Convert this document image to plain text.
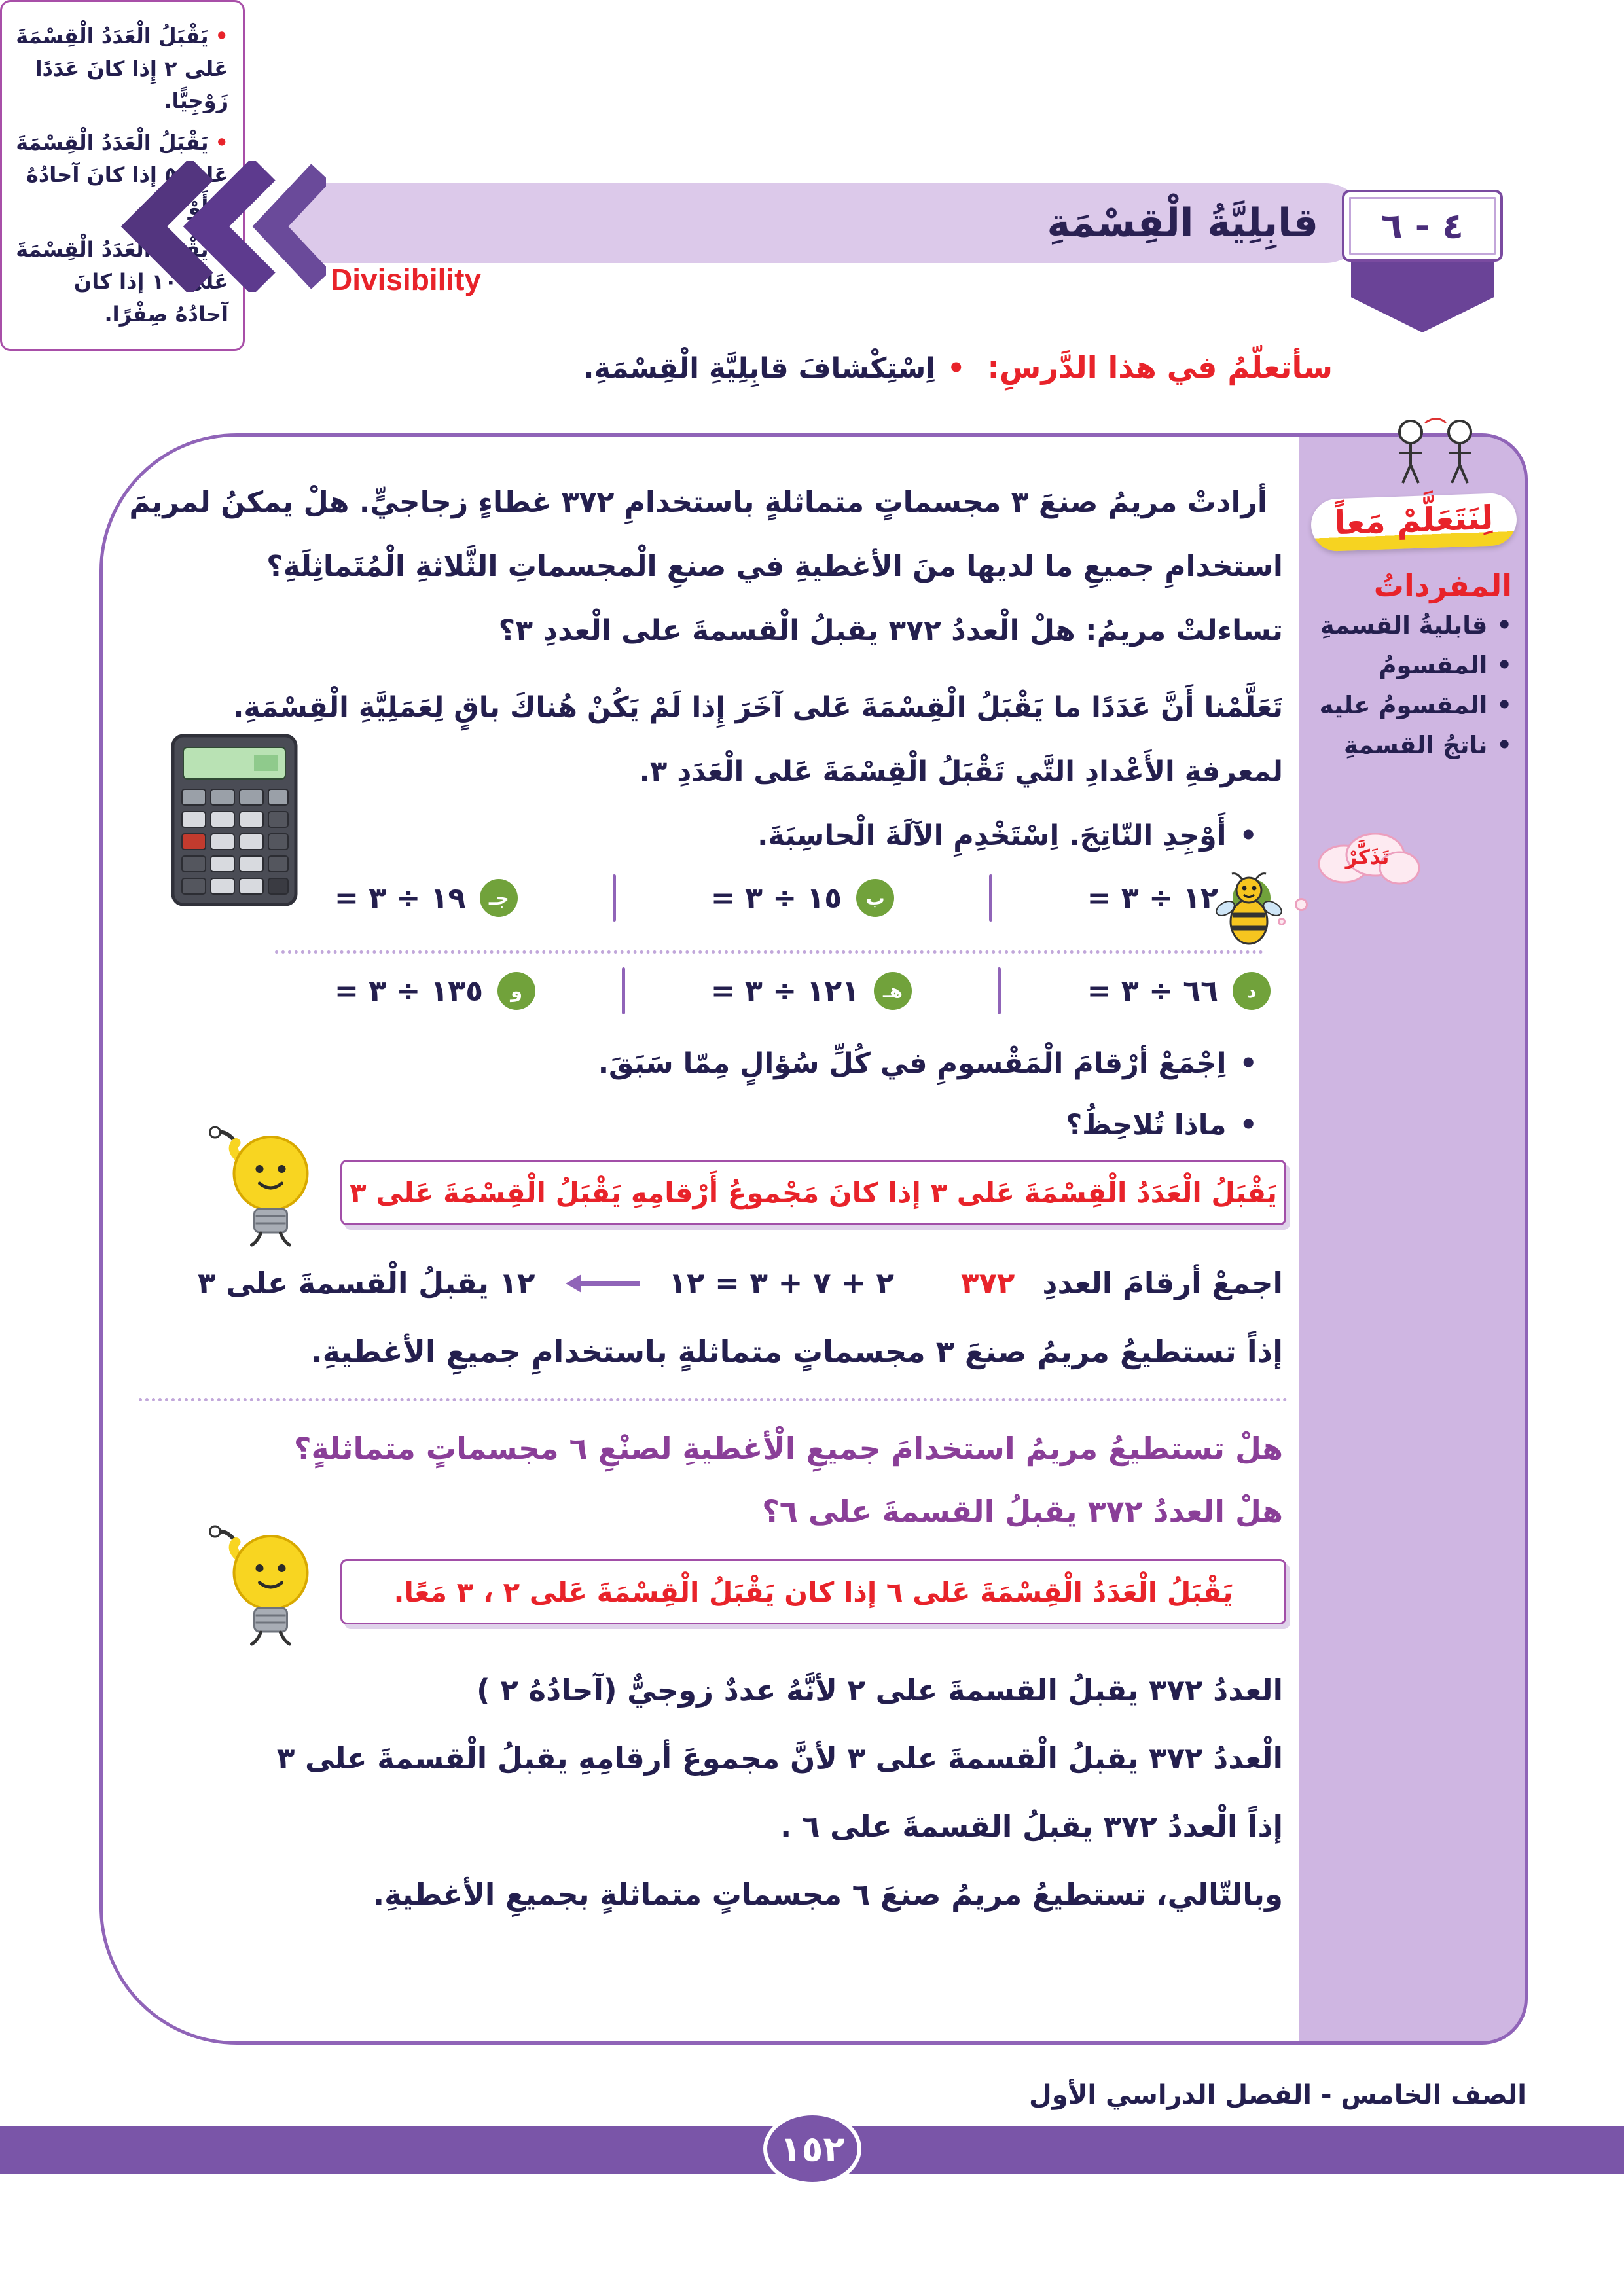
قابِلِيَّةُ الْقِسْمَةِ
Divisibility
٤ - ٦
سأتعلّمُ في هذا الدَّرسِ:
• اِسْتِكْشافَ قابِلِيَّةِ الْقِسْمَةِ.
لِنَتَعَلَّمْ مَعاً
المفرداتُ
• قابليةُ القسمةِ
• المقسومُ
• المقسومُ عليه
• ناتجُ القسمةِ
تَذَكَّرْ
• يَقْبَلُ الْعَدَدُ الْقِسْمَةَ عَلى ٢ إِذا كانَ عَدَدًا زَوْجِيًّا.
• يَقْبَلُ الْعَدَدُ الْقِسْمَةَ عَلى ٥ إذا كانَ آحادُهُ ٠ أَوْ ٥
• يَقْبَلُ الْعَدَدُ الْقِسْمَةَ عَلى ١٠ إذا كانَ آحادُهُ صِفْرًا.
أرادتْ مريمُ صنعَ ٣ مجسماتٍ متماثلةٍ باستخدامِ ٣٧٢ غطاءٍ زجاجيٍّ. هلْ يمكنُ لمريمَ
استخدامِ جميعِ ما لديها منَ الأغطيةِ في صنعِ الْمجسماتِ الثَّلاثةِ الْمُتَماثِلَةِ؟
تساءلتْ مريمُ: هلْ الْعددُ ٣٧٢ يقبلُ الْقسمةَ على الْعددِ ٣؟
تَعَلَّمْنا أَنَّ عَدَدًا ما يَقْبَلُ الْقِسْمَةَ عَلى آخَرَ إِذا لَمْ يَكُنْ هُناكَ باقٍ لِعَمَلِيَّةِ الْقِسْمَةِ.
لمعرفةِ الأَعْدادِ التَّي تَقْبَلُ الْقِسْمَةَ عَلى الْعَدَدِ ٣.
• أَوْجِدِ النّاتِجَ. اِسْتَخْدِمِ الآلَةَ الْحاسِبَةَ.
١٢ ÷ ٣ =
ب
١٥ ÷ ٣ =
جـ
١٩ ÷ ٣ =
د
٦٦ ÷ ٣ =
هـ
١٢١ ÷ ٣ =
و
١٣٥ ÷ ٣ =
• اِجْمَعْ أرْقامَ الْمَقْسومِ في كُلِّ سُؤالٍ مِمّا سَبَقَ.
• ماذا تُلاحِظُ؟
يَقْبَلُ الْعَدَدُ الْقِسْمَةَ عَلى ٣ إذا كانَ مَجْموعُ أَرْقامِهِ يَقْبَلُ الْقِسْمَةَ عَلى ٣
اجمعْ أرقامَ العددِ
٣٧٢
٢ + ٧ + ٣ = ١٢
١٢ يقبلُ الْقسمةَ على ٣
إذاً تستطيعُ مريمُ صنعَ ٣ مجسماتٍ متماثلةٍ باستخدامِ جميعِ الأغطيةِ.
هلْ تستطيعُ مريمُ استخدامَ جميعِ الْأغطيةِ لصنْعِ ٦ مجسماتٍ متماثلةٍ؟
هلْ العددُ ٣٧٢ يقبلُ القسمةَ على ٦؟
يَقْبَلُ الْعَدَدُ الْقِسْمَةَ عَلى ٦ إذا كان يَقْبَلُ الْقِسْمَةَ عَلى ٢ ، ٣ مَعًا.
العددُ ٣٧٢ يقبلُ القسمةَ على ٢ لأنَّهُ عددٌ زوجيٌّ (آحادُهُ ٢ )
الْعددُ ٣٧٢ يقبلُ الْقسمةَ على ٣ لأنَّ مجموعَ أرقامِهِ يقبلُ الْقسمةَ على ٣
إذاً الْعددُ ٣٧٢ يقبلُ القسمةَ على ٦ .
وبالتّالي، تستطيعُ مريمُ صنعَ ٦ مجسماتٍ متماثلةٍ بجميعِ الأغطيةِ.
الصف الخامس - الفصل الدراسي الأول
١٥٢
